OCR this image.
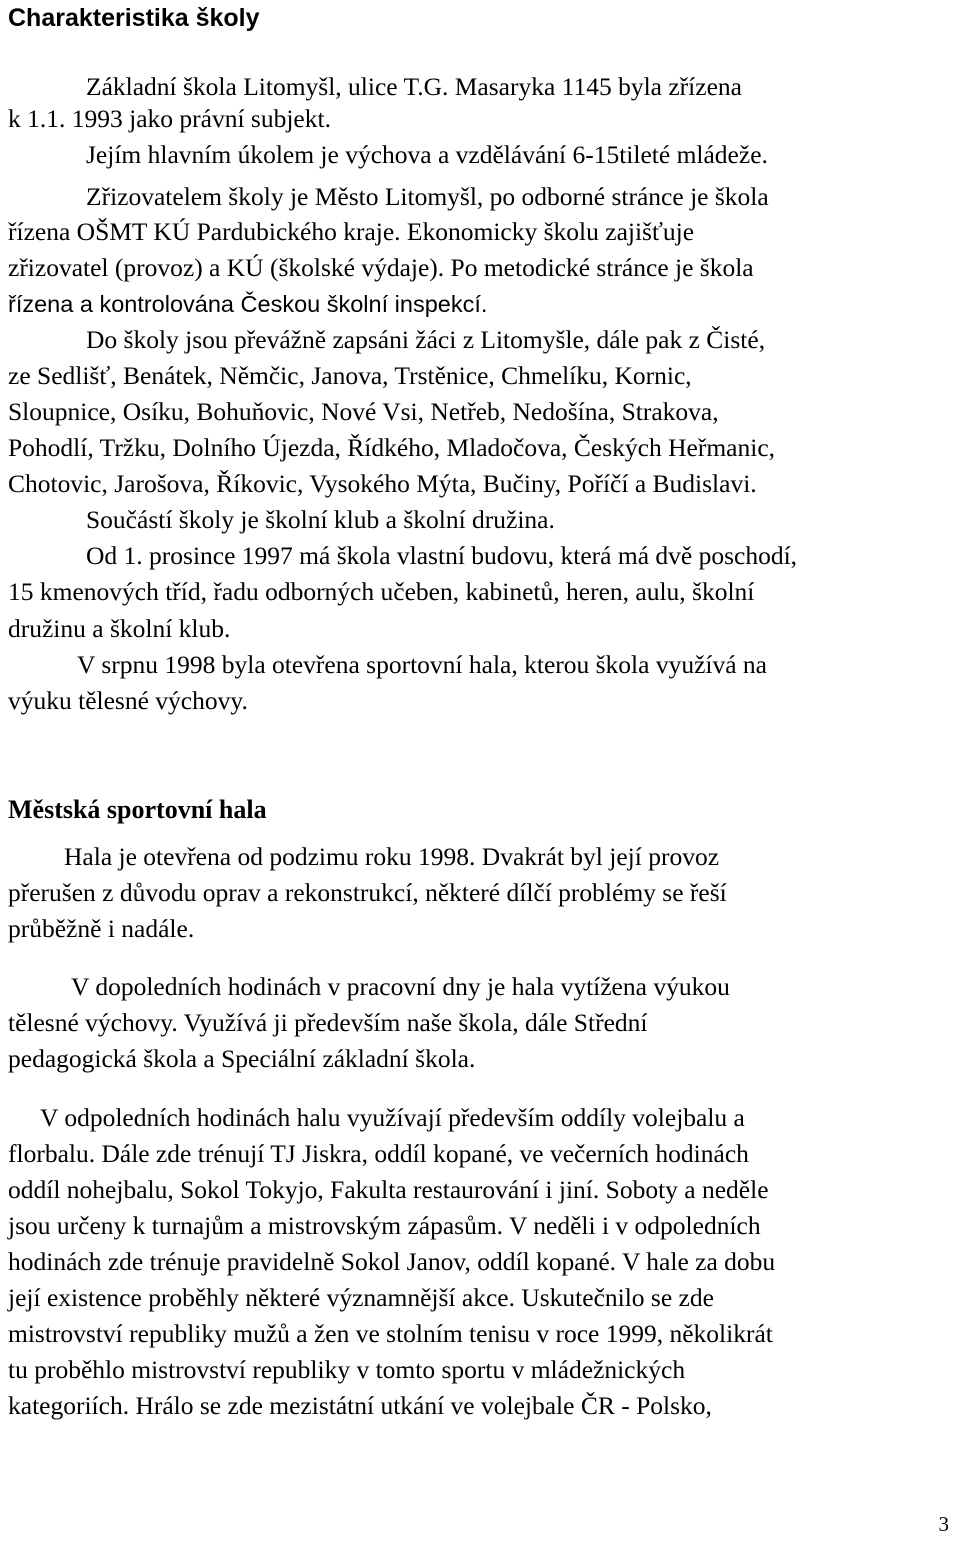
Charakteristika školy

Základní škola Litomyšl, ulice T.G. Masaryka 1145 byla zřízena

k 1.1. 1993 jako právní subjekt.

Jejím hlavním úkolem je výchova a vzdělávání 6-15tileté mládeže.

Zřizovatelem školy je Město Litomyšl, po odborné stránce je škola

řízena OŠMT KÚ Pardubického kraje. Ekonomicky školu zajišťuje

zřizovatel (provoz) a KÚ (školské výdaje). Po metodické stránce je škola

řízena a kontrolována Českou školní inspekcí.

Do školy jsou převážně zapsáni žáci z Litomyšle, dále pak z Čisté,

ze Sedlišť, Benátek, Němčic, Janova, Trstěnice, Chmelíku, Kornic,

Sloupnice, Osíku, Bohuňovic, Nové Vsi, Netřeb, Nedošína, Strakova,

Pohodlí, Tržku, Dolního Újezda, Řídkého, Mladočova, Českých Heřmanic,

Chotovic, Jarošova, Říkovic, Vysokého Mýta, Bučiny, Poříčí a Budislavi.

Součástí školy je školní klub a školní družina.

Od 1. prosince 1997 má škola vlastní budovu, která má dvě poschodí,

15 kmenových tříd, řadu odborných učeben, kabinetů, heren, aulu, školní

družinu a školní klub.

V srpnu 1998 byla otevřena sportovní hala, kterou škola využívá na

výuku tělesné výchovy.

Městská sportovní hala

Hala je otevřena od podzimu roku 1998. Dvakrát byl její provoz

přerušen z důvodu oprav a rekonstrukcí, některé dílčí problémy se řeší

průběžně i nadále.

V dopoledních hodinách v pracovní dny je hala vytížena výukou

tělesné výchovy. Využívá ji především naše škola, dále Střední

pedagogická škola a Speciální základní škola.

V odpoledních hodinách halu využívají především oddíly volejbalu a

florbalu. Dále zde trénují TJ Jiskra, oddíl kopané, ve večerních hodinách

oddíl nohejbalu, Sokol Tokyjo, Fakulta restaurování i jiní. Soboty a neděle

jsou určeny k turnajům a mistrovským zápasům. V neděli i v odpoledních

hodinách zde trénuje pravidelně Sokol Janov, oddíl kopané. V hale za dobu

její existence proběhly některé významnější akce. Uskutečnilo se zde

mistrovství republiky mužů a žen ve stolním tenisu v roce 1999, několikrát

tu proběhlo mistrovství republiky v tomto sportu v mládežnických

kategoriích. Hrálo se zde mezistátní utkání ve volejbale ČR - Polsko,

3
